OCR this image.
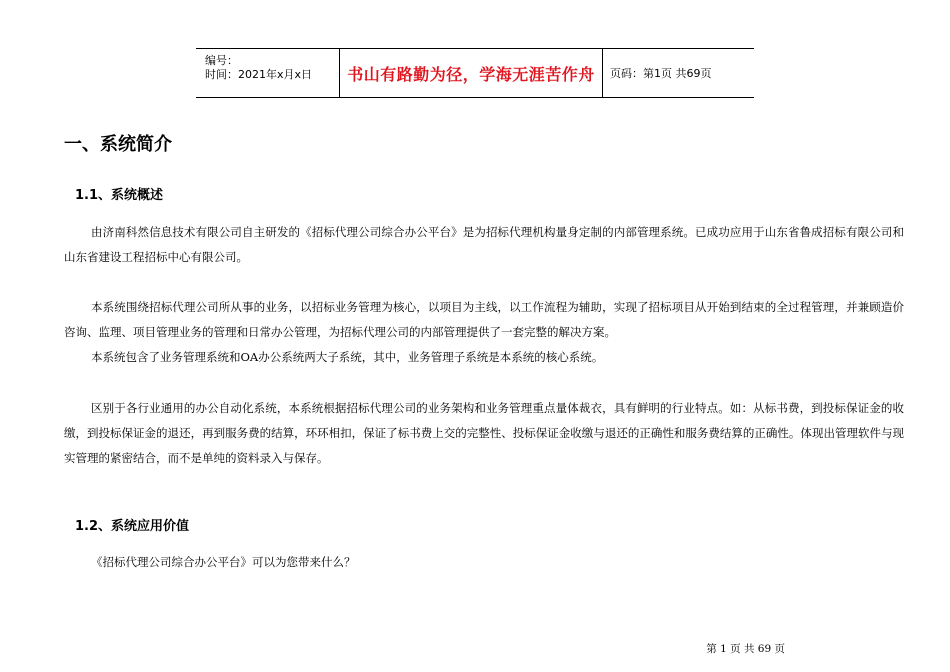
编号：
时间：2021年x月x日 书山有路勤为径，学海无涯苦作舟 页码：第1页 共69页
一、系统简介
1.1、系统概述
由济南科然信息技术有限公司自主研发的《招标代理公司综合办公平台》是为招标代理机构量身定制的内部管理系统。已成功应用于山东省鲁成招标有限公司和山东省建设工程招标中心有限公司。
本系统围绕招标代理公司所从事的业务，以招标业务管理为核心，以项目为主线，以工作流程为辅助，实现了招标项目从开始到结束的全过程管理，并兼顾造价咨询、监理、项目管理业务的管理和日常办公管理，为招标代理公司的内部管理提供了一套完整的解决方案。
本系统包含了业务管理系统和OA办公系统两大子系统，其中，业务管理子系统是本系统的核心系统。
区别于各行业通用的办公自动化系统，本系统根据招标代理公司的业务架构和业务管理重点量体裁衣，具有鲜明的行业特点。如：从标书费，到投标保证金的收缴，到投标保证金的退还，再到服务费的结算，环环相扣，保证了标书费上交的完整性、投标保证金收缴与退还的正确性和服务费结算的正确性。体现出管理软件与现实管理的紧密结合，而不是单纯的资料录入与保存。
1.2、系统应用价值
《招标代理公司综合办公平台》可以为您带来什么？
第 1 页 共 69 页
